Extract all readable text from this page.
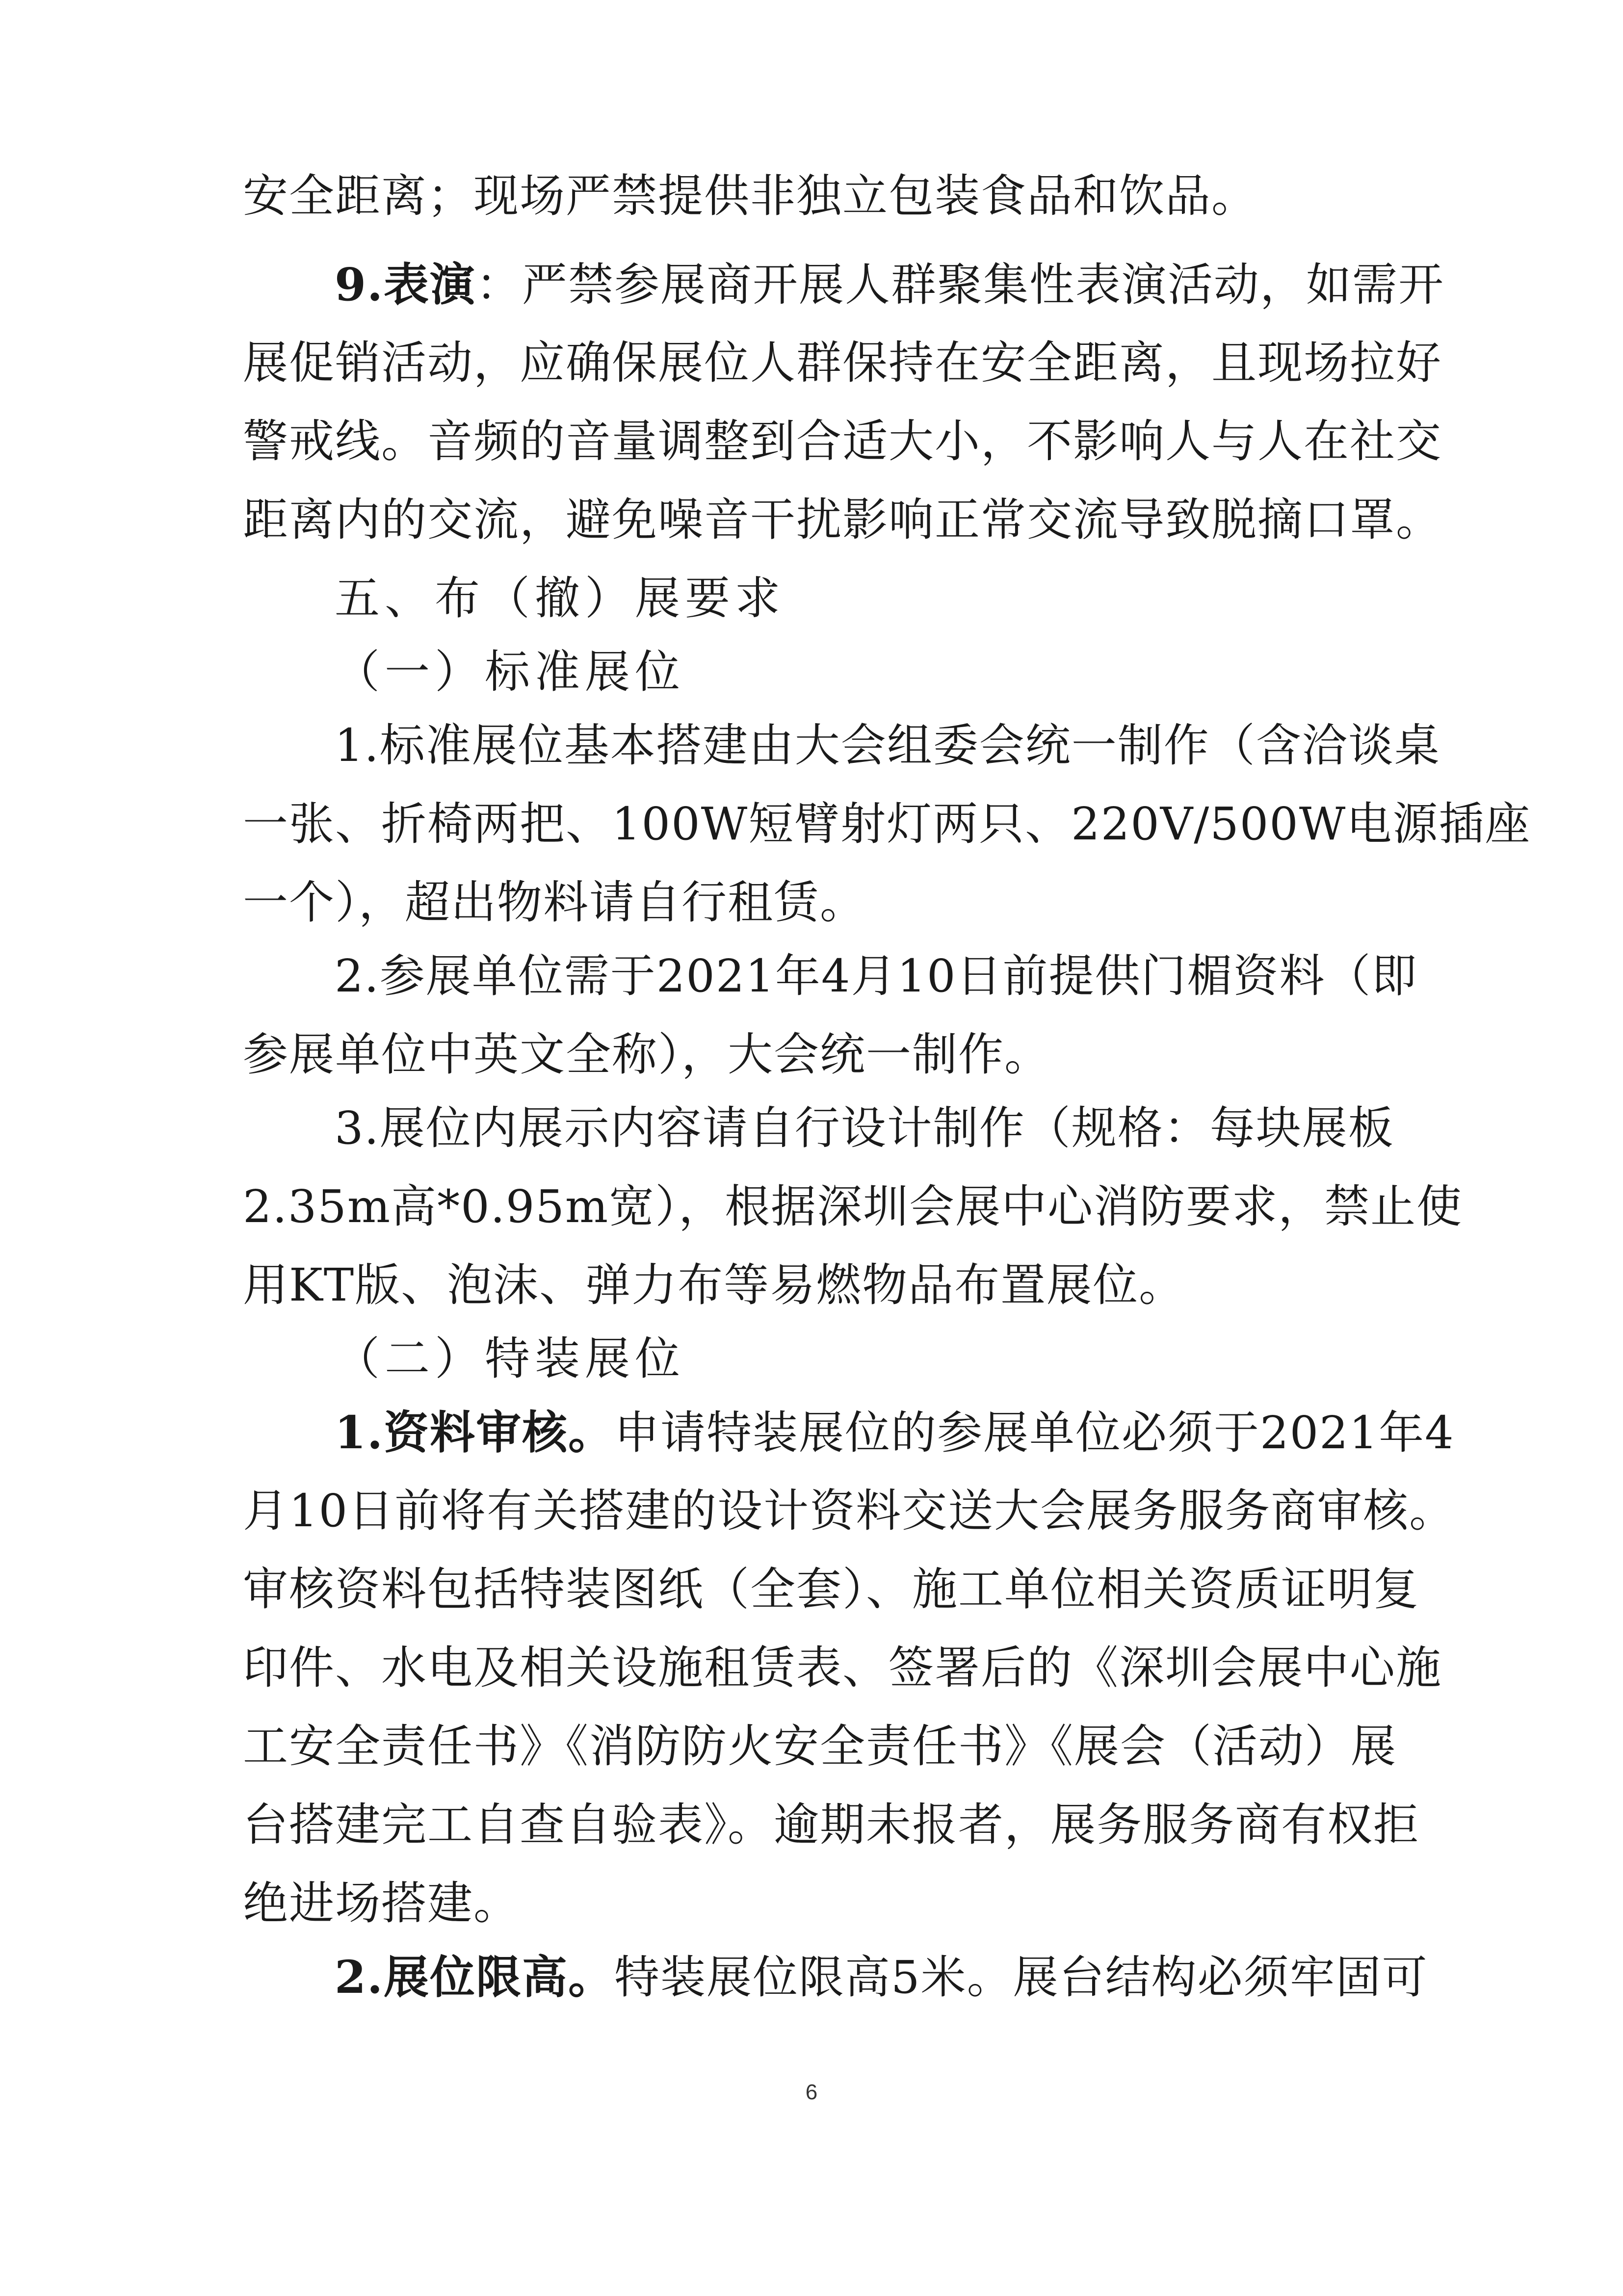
安全距离；现场严禁提供非独立包装食品和饮品。
9.表演：严禁参展商开展人群聚集性表演活动，如需开
展促销活动，应确保展位人群保持在安全距离，且现场拉好
警戒线。音频的音量调整到合适大小，不影响人与人在社交
距离内的交流，避免噪音干扰影响正常交流导致脱摘口罩。
五、布（撤）展要求
（一）标准展位
1.标准展位基本搭建由大会组委会统一制作（含洽谈桌
一张、折椅两把、100W短臂射灯两只、220V/500W电源插座
一个），超出物料请自行租赁。
2.参展单位需于2021年4月10日前提供门楣资料（即
参展单位中英文全称），大会统一制作。
3.展位内展示内容请自行设计制作（规格：每块展板
2.35m高*0.95m宽），根据深圳会展中心消防要求，禁止使
用KT版、泡沫、弹力布等易燃物品布置展位。
（二）特装展位
1.资料审核。申请特装展位的参展单位必须于2021年4
月10日前将有关搭建的设计资料交送大会展务服务商审核。
审核资料包括特装图纸（全套）、施工单位相关资质证明复
印件、水电及相关设施租赁表、签署后的《深圳会展中心施
工安全责任书》《消防防火安全责任书》《展会（活动）展
台搭建完工自查自验表》。逾期未报者，展务服务商有权拒
绝进场搭建。
2.展位限高。特装展位限高5米。展台结构必须牢固可
6
